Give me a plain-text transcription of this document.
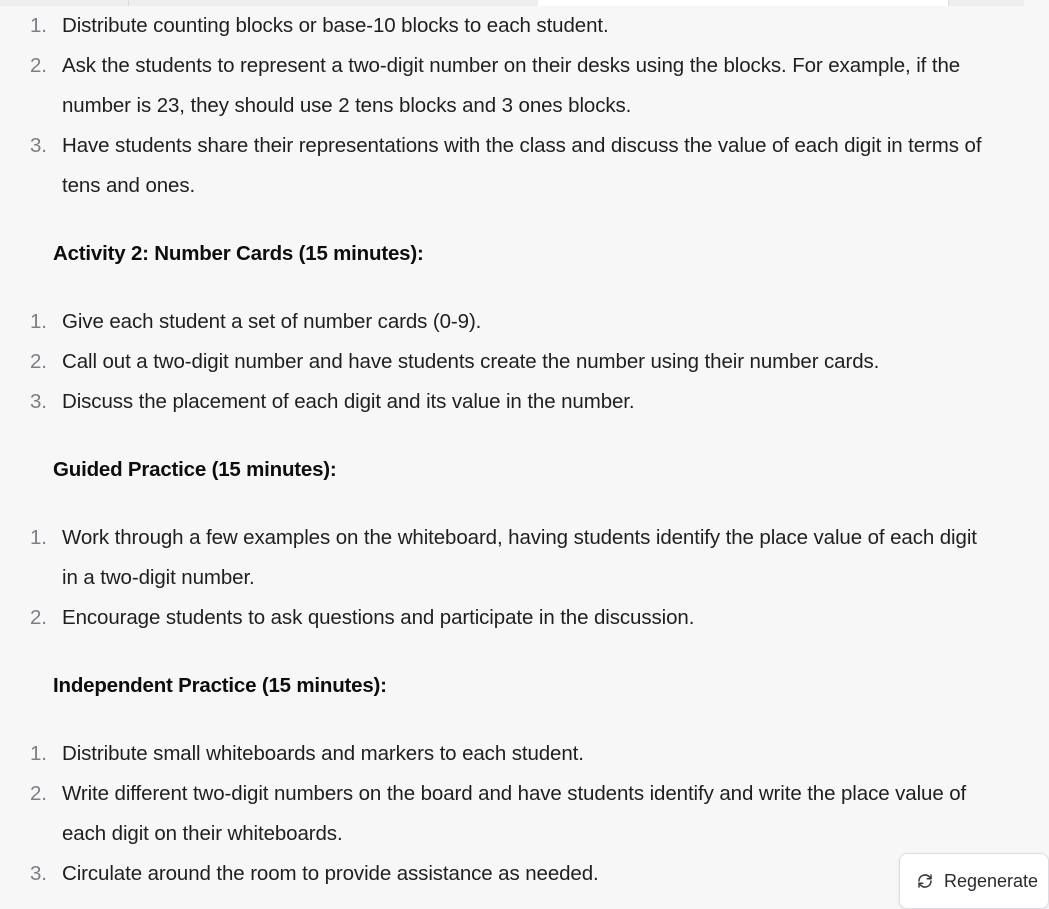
1. Distribute counting blocks or base-10 blocks to each student.
2. Ask the students to represent a two-digit number on their desks using the blocks. For example, if the number is 23, they should use 2 tens blocks and 3 ones blocks.
3. Have students share their representations with the class and discuss the value of each digit in terms of tens and ones.
Activity 2: Number Cards (15 minutes):
1. Give each student a set of number cards (0-9).
2. Call out a two-digit number and have students create the number using their number cards.
3. Discuss the placement of each digit and its value in the number.
Guided Practice (15 minutes):
1. Work through a few examples on the whiteboard, having students identify the place value of each digit in a two-digit number.
2. Encourage students to ask questions and participate in the discussion.
Independent Practice (15 minutes):
1. Distribute small whiteboards and markers to each student.
2. Write different two-digit numbers on the board and have students identify and write the place value of each digit on their whiteboards.
3. Circulate around the room to provide assistance as needed.	Regenerate
